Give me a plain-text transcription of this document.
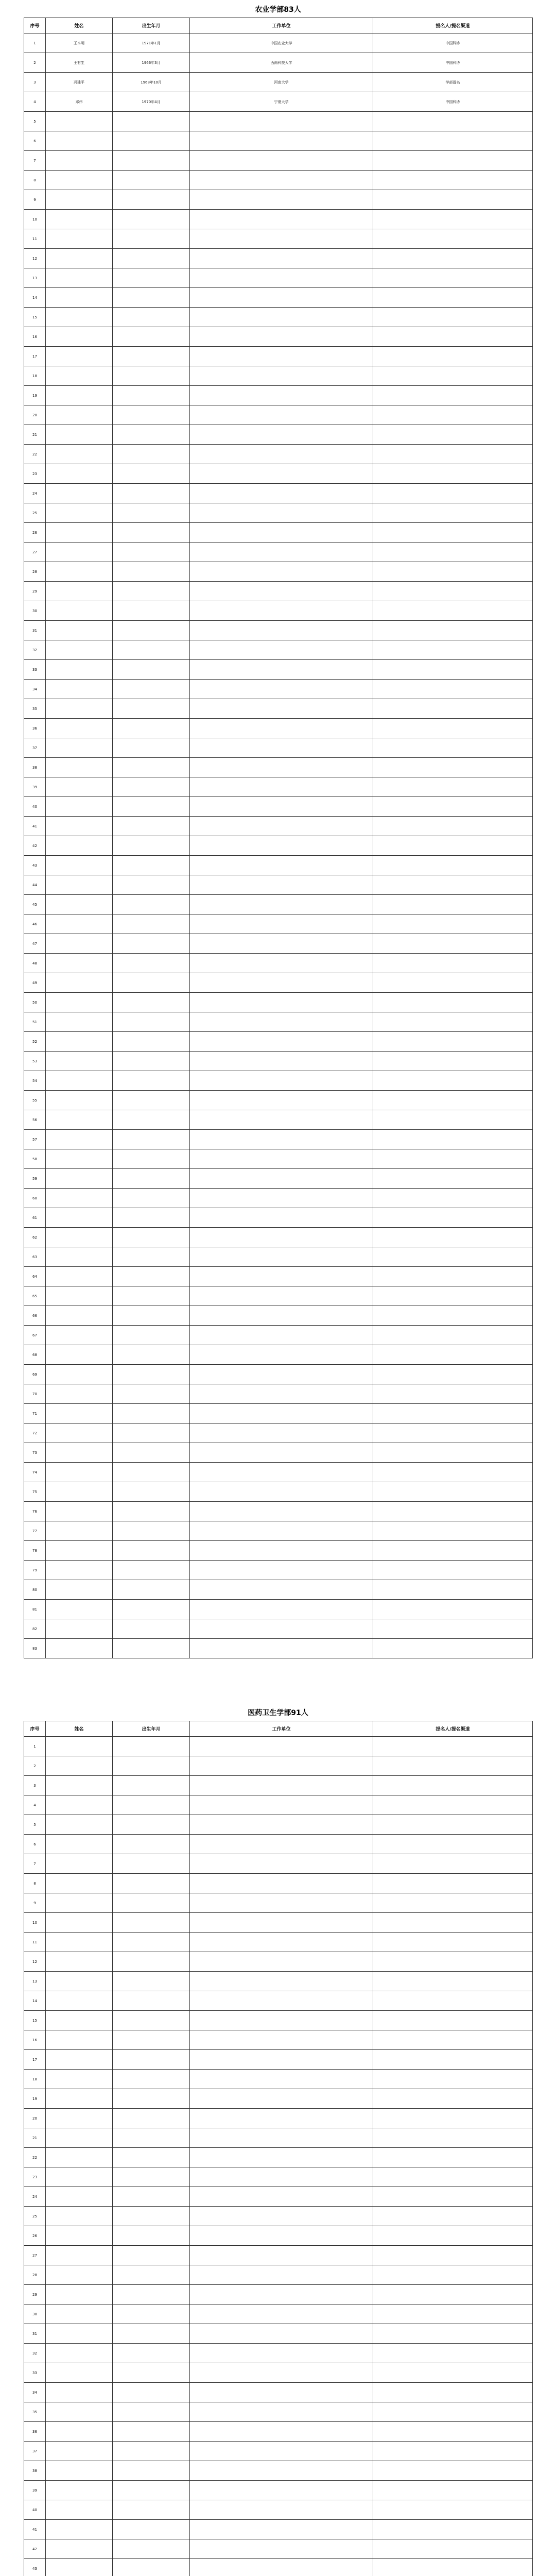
农业学部83人
序号	姓名	出生年月	工作单位	提名人/提名渠道
1	王本明	1971年1月	中国农业大学	中国科协
2	王有生	1966年3月	西南科技大学	中国科协
3	冯建平	1968年10月	河南大学	学部提名
4	邓伟	1970年4月	宁夏大学	中国科协
5				
6				
7				
8				
9				
10				
11				
12				
13				
14				
15				
16				
17				
18				
19				
20				
21				
22				
23				
24				
25				
26				
27				
28				
29				
30				
31				
32				
33				
34				
35				
36				
37				
38				
39				
40				
41				
42				
43				
44				
45				
46				
47				
48				
49				
50				
51				
52				
53				
54				
55				
56				
57				
58				
59				
60				
61				
62				
63				
64				
65				
66				
67				
68				
69				
70				
71				
72				
73				
74				
75				
76				
77				
78				
79				
80				
81				
82				
83				
医药卫生学部91人
序号	姓名	出生年月	工作单位	提名人/提名渠道
1				
2				
3				
4				
5				
6				
7				
8				
9				
10				
11				
12				
13				
14				
15				
16				
17				
18				
19				
20				
21				
22				
23				
24				
25				
26				
27				
28				
29				
30				
31				
32				
33				
34				
35				
36				
37				
38				
39				
40				
41				
42				
43				
